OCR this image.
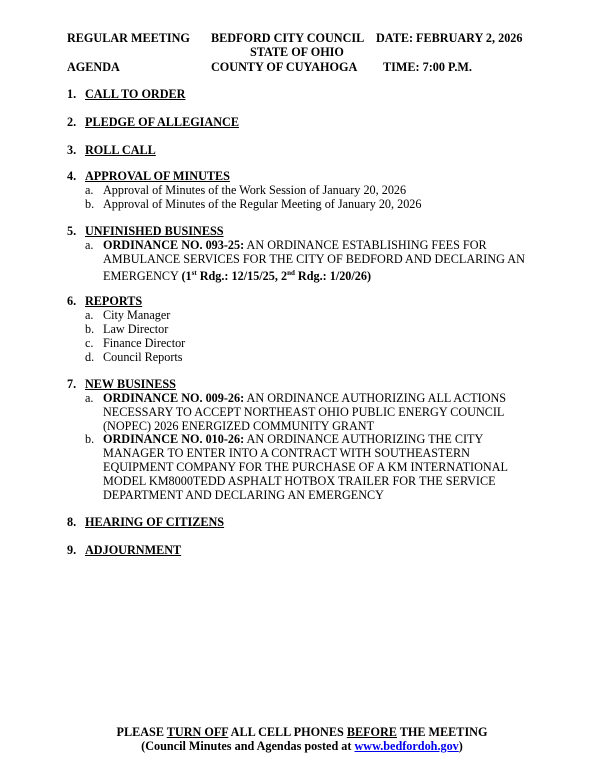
REGULAR MEETING BEDFORD CITY COUNCIL DATE: FEBRUARY 2, 2026
STATE OF OHIO
AGENDA	COUNTY OF CUYAHOGA TIME: 7:00 P.M.
1. CALL TO ORDER
2. PLEDGE OF ALLEGIANCE
3. ROLL CALL
4. APPROVAL OF MINUTES
a. Approval of Minutes of the Work Session of January 20, 2026
b. Approval of Minutes of the Regular Meeting of January 20, 2026
5. UNFINISHED BUSINESS
a. ORDINANCE NO. 093-25: AN ORDINANCE ESTABLISHING FEES FOR AMBULANCE SERVICES FOR THE CITY OF BEDFORD AND DECLARING AN EMERGENCY (1st Rdg.: 12/15/25, 2nd Rdg.: 1/20/26)
6. REPORTS
a. City Manager
b. Law Director
c. Finance Director
d. Council Reports
7. NEW BUSINESS
a. ORDINANCE NO. 009-26: AN ORDINANCE AUTHORIZING ALL ACTIONS NECESSARY TO ACCEPT NORTHEAST OHIO PUBLIC ENERGY COUNCIL (NOPEC) 2026 ENERGIZED COMMUNITY GRANT
b. ORDINANCE NO. 010-26: AN ORDINANCE AUTHORIZING THE CITY MANAGER TO ENTER INTO A CONTRACT WITH SOUTHEASTERN EQUIPMENT COMPANY FOR THE PURCHASE OF A KM INTERNATIONAL MODEL KM8000TEDD ASPHALT HOTBOX TRAILER FOR THE SERVICE DEPARTMENT AND DECLARING AN EMERGENCY
8. HEARING OF CITIZENS
9. ADJOURNMENT
PLEASE TURN OFF ALL CELL PHONES BEFORE THE MEETING
(Council Minutes and Agendas posted at www.bedfordoh.gov)
